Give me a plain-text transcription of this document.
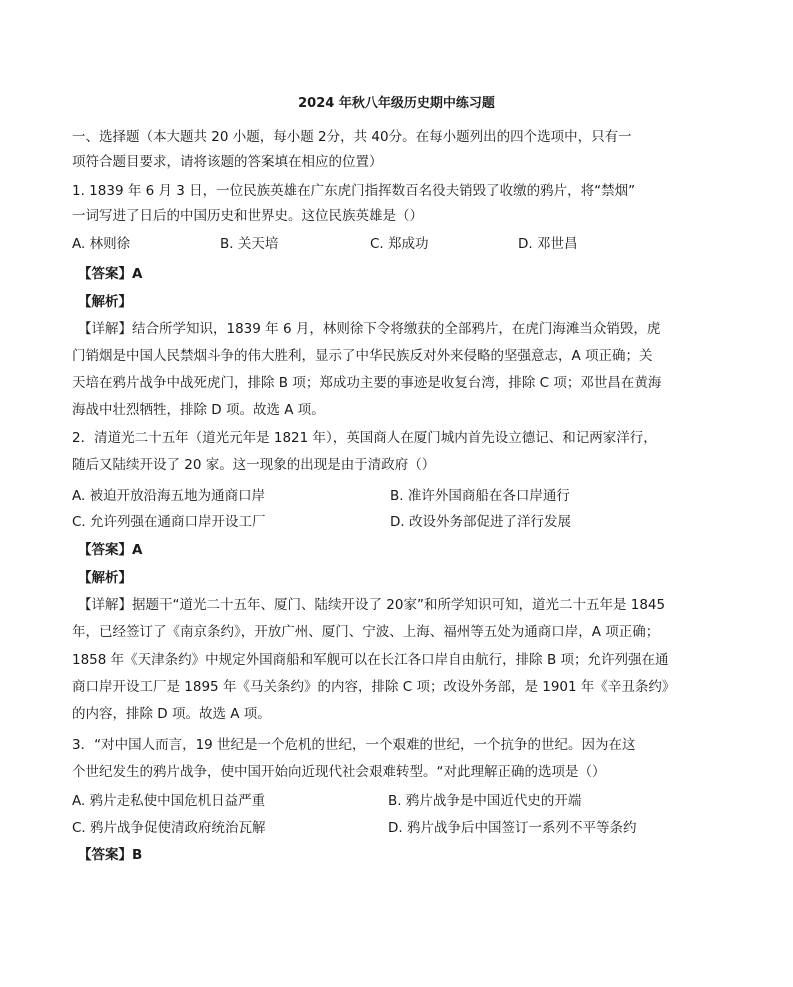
2024 年秋八年级历史期中练习题
一、选择题（本大题共 20 小题，每小题 2分，共 40分。在每小题列出的四个选项中，只有一
项符合题目要求，请将该题的答案填在相应的位置）
1. 1839 年 6 月 3 日，一位民族英雄在广东虎门指挥数百名役夫销毁了收缴的鸦片，将“禁烟”
一词写进了日后的中国历史和世界史。这位民族英雄是（）
A. 林则徐	B. 关天培	C. 郑成功	D. 邓世昌
【答案】A
【解析】
【详解】结合所学知识，1839 年 6 月，林则徐下令将缴获的全部鸦片，在虎门海滩当众销毁，虎
门销烟是中国人民禁烟斗争的伟大胜利，显示了中华民族反对外来侵略的坚强意志，A 项正确；关
天培在鸦片战争中战死虎门，排除 B 项；郑成功主要的事迹是收复台湾，排除 C 项；邓世昌在黄海
海战中壮烈牺牲，排除 D 项。故选 A 项。
2．清道光二十五年（道光元年是 1821 年），英国商人在厦门城内首先设立德记、和记两家洋行，
随后又陆续开设了 20 家。这一现象的出现是由于清政府（）
A. 被迫开放沿海五地为通商口岸	B. 准许外国商船在各口岸通行
C. 允许列强在通商口岸开设工厂	D. 改设外务部促进了洋行发展
【答案】A
【解析】
【详解】据题干“道光二十五年、厦门、陆续开设了 20家”和所学知识可知，道光二十五年是 1845
年，已经签订了《南京条约》，开放广州、厦门、宁波、上海、福州等五处为通商口岸，A 项正确；
1858 年《天津条约》中规定外国商船和军舰可以在长江各口岸自由航行，排除 B 项；允许列强在通
商口岸开设工厂是 1895 年《马关条约》的内容，排除 C 项；改设外务部，是 1901 年《辛丑条约》
的内容，排除 D 项。故选 A 项。
3．“对中国人而言，19 世纪是一个危机的世纪，一个艰难的世纪，一个抗争的世纪。因为在这
个世纪发生的鸦片战争，使中国开始向近现代社会艰难转型。“对此理解正确的选项是（）
A. 鸦片走私使中国危机日益严重	B. 鸦片战争是中国近代史的开端
C. 鸦片战争促使清政府统治瓦解	D. 鸦片战争后中国签订一系列不平等条约
【答案】B
